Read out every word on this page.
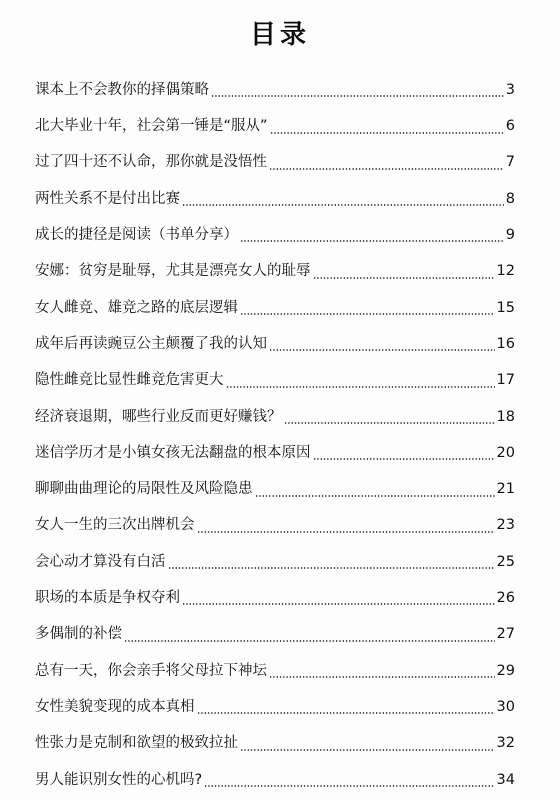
目录
课本上不会教你的择偶策略	3
北大毕业十年，社会第一锤是“服从”	6
过了四十还不认命，那你就是没悟性	7
两性关系不是付出比赛	8
成长的捷径是阅读（书单分享）	9
安娜：贫穷是耻辱，尤其是漂亮女人的耻辱	12
女人雌竞、雄竞之路的底层逻辑	15
成年后再读豌豆公主颠覆了我的认知	16
隐性雌竞比显性雌竞危害更大	17
经济衰退期，哪些行业反而更好赚钱？	18
迷信学历才是小镇女孩无法翻盘的根本原因	20
聊聊曲曲理论的局限性及风险隐患	21
女人一生的三次出牌机会	23
会心动才算没有白活	25
职场的本质是争权夺利	26
多偶制的补偿	27
总有一天，你会亲手将父母拉下神坛	29
女性美貌变现的成本真相	30
性张力是克制和欲望的极致拉扯	32
男人能识别女性的心机吗?	34
